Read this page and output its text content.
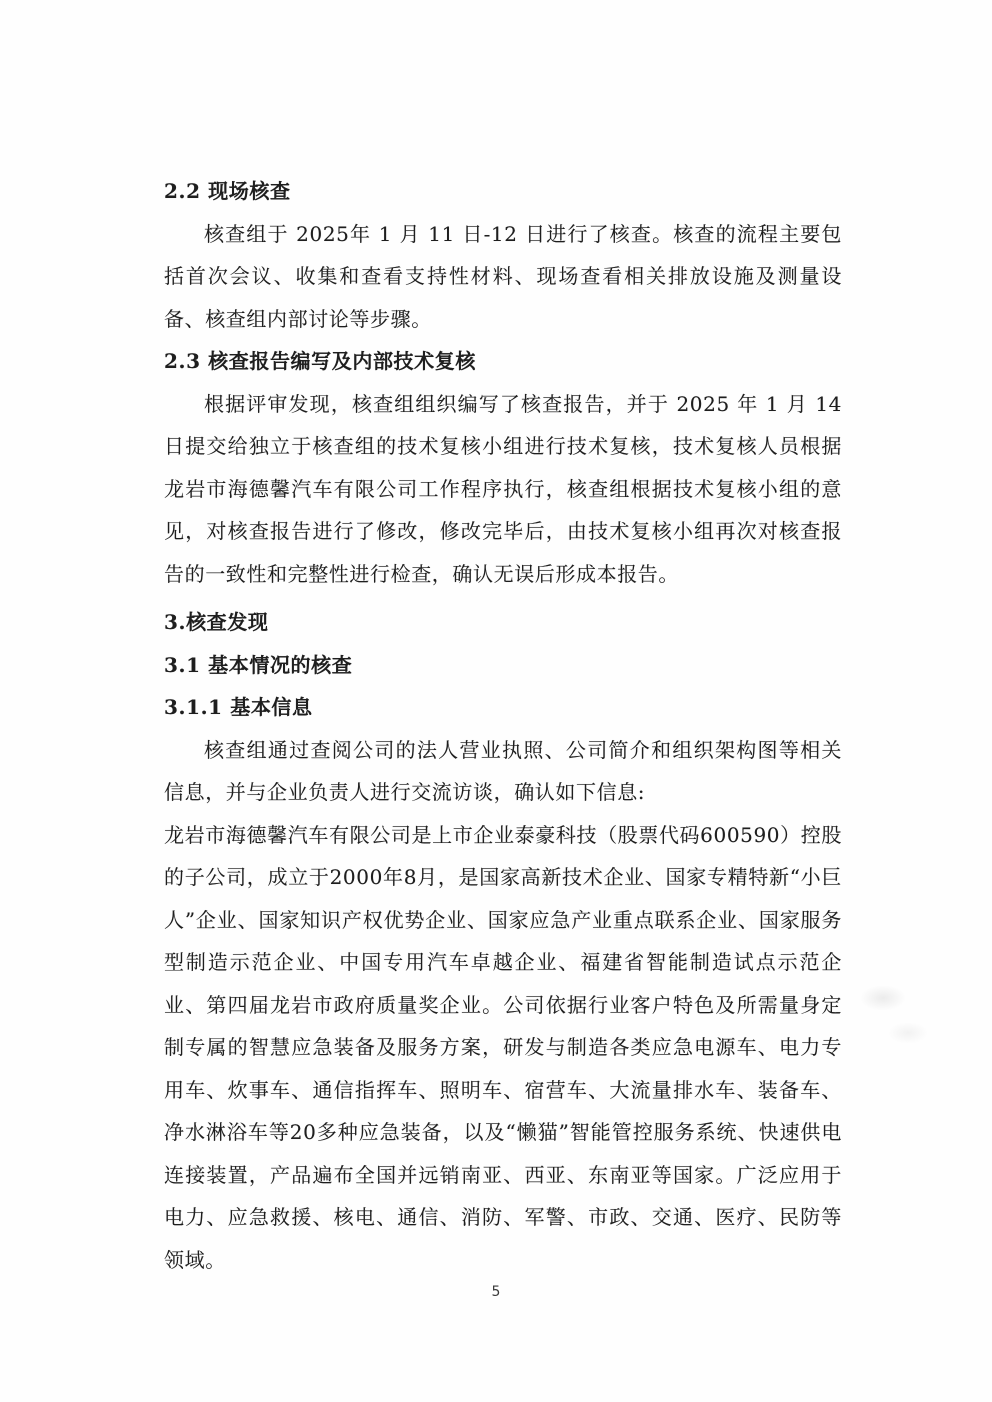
2.2 现场核查

核查组于 2025年 1 月 11 日-12 日进行了核查。核查的流程主要包括首次会议、收集和查看支持性材料、现场查看相关排放设施及测量设备、核查组内部讨论等步骤。

2.3 核查报告编写及内部技术复核

根据评审发现，核查组组织编写了核查报告，并于 2025 年 1 月 14 日提交给独立于核查组的技术复核小组进行技术复核，技术复核人员根据龙岩市海德馨汽车有限公司工作程序执行，核查组根据技术复核小组的意见，对核查报告进行了修改，修改完毕后，由技术复核小组再次对核查报告的一致性和完整性进行检查，确认无误后形成本报告。

3.核查发现
3.1 基本情况的核查
3.1.1 基本信息

核查组通过查阅公司的法人营业执照、公司简介和组织架构图等相关信息，并与企业负责人进行交流访谈，确认如下信息:

龙岩市海德馨汽车有限公司是上市企业泰豪科技（股票代码600590）控股的子公司，成立于2000年8月，是国家高新技术企业、国家专精特新“小巨人”企业、国家知识产权优势企业、国家应急产业重点联系企业、国家服务型制造示范企业、中国专用汽车卓越企业、福建省智能制造试点示范企业、第四届龙岩市政府质量奖企业。公司依据行业客户特色及所需量身定制专属的智慧应急装备及服务方案，研发与制造各类应急电源车、电力专用车、炊事车、通信指挥车、照明车、宿营车、大流量排水车、装备车、净水淋浴车等20多种应急装备，以及“懒猫”智能管控服务系统、快速供电连接装置，产品遍布全国并远销南亚、西亚、东南亚等国家。广泛应用于电力、应急救援、核电、通信、消防、军警、市政、交通、医疗、民防等领域。

5
